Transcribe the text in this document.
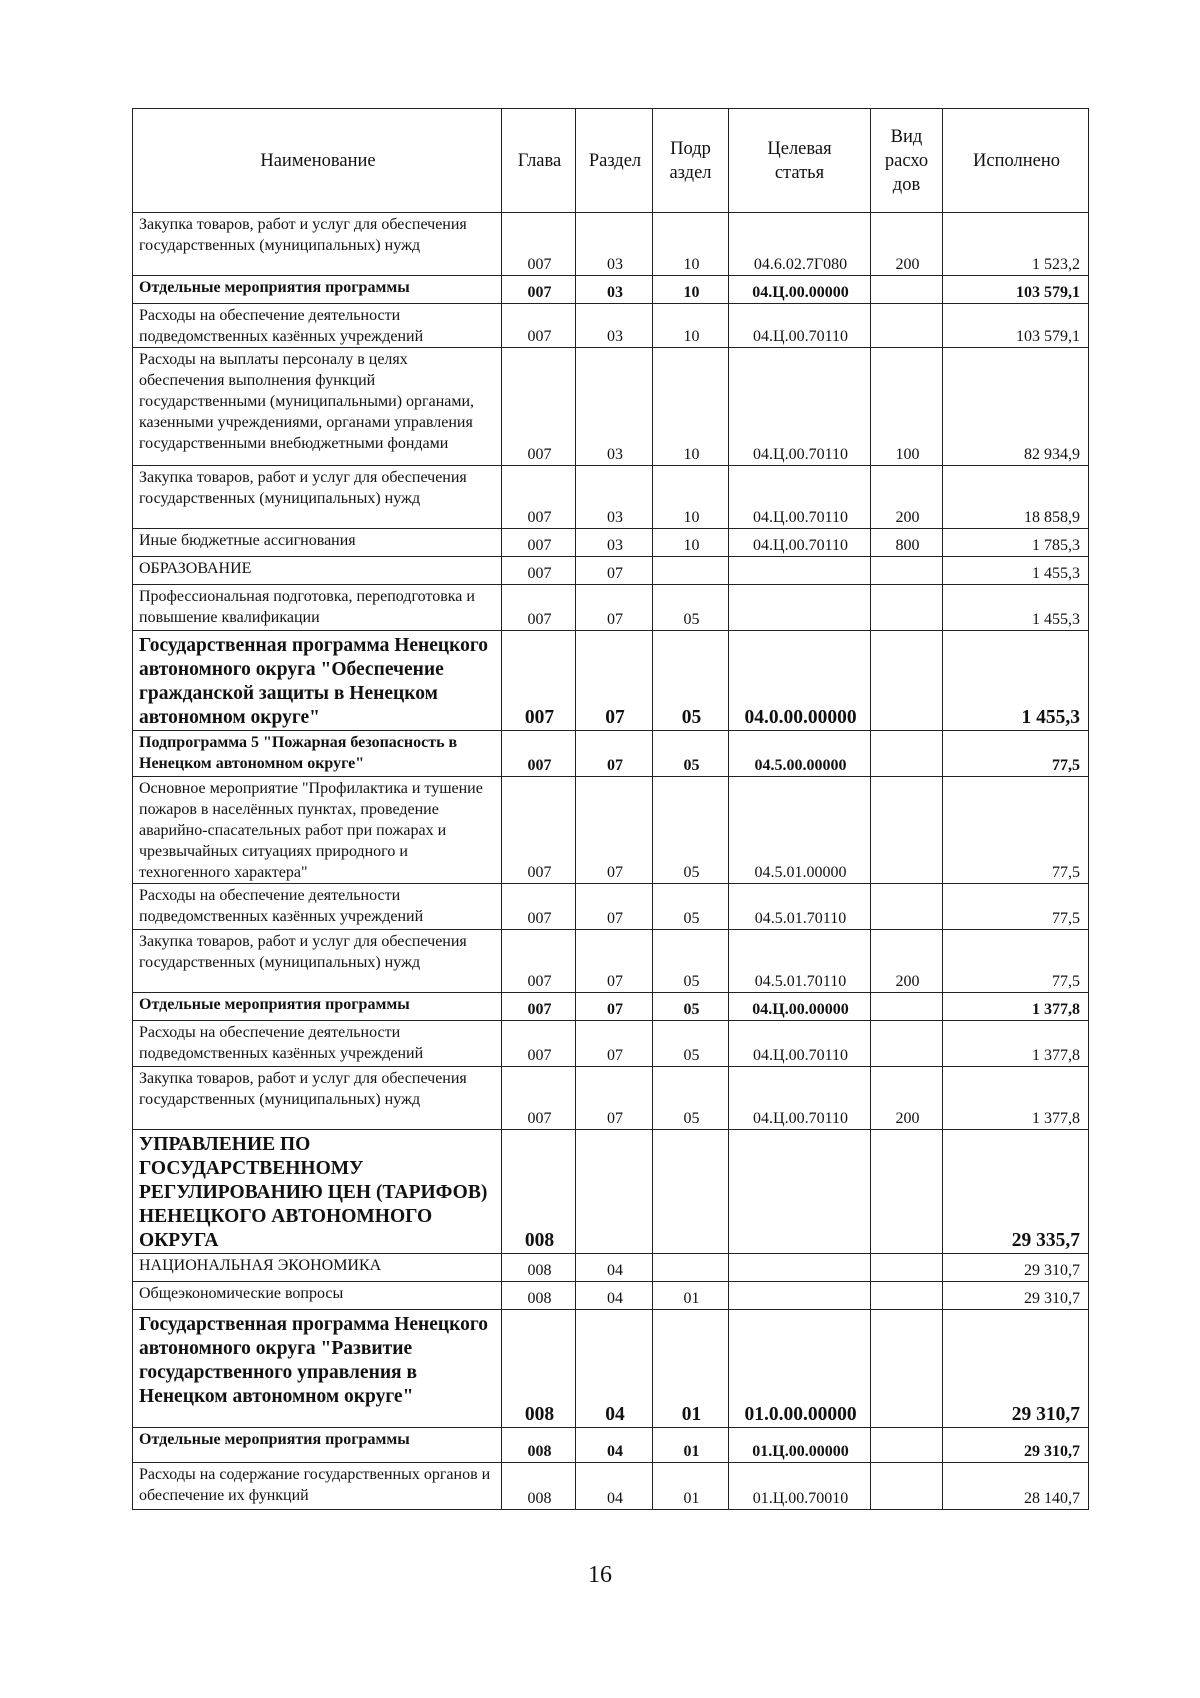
Наименование	Глава	Раздел	Подр аздел	Целевая статья	Вид расхо дов	Исполнено
Закупка товаров, работ и услуг для обеспечения государственных (муниципальных) нужд	007	03	10	04.6.02.7Г080	200	1 523,2
Отдельные мероприятия программы	007	03	10	04.Ц.00.00000		103 579,1
Расходы на обеспечение деятельности подведомственных казённых учреждений	007	03	10	04.Ц.00.70110		103 579,1
Расходы на выплаты персоналу в целях обеспечения выполнения функций государственными (муниципальными) органами, казенными учреждениями, органами управления государственными внебюджетными фондами	007	03	10	04.Ц.00.70110	100	82 934,9
Закупка товаров, работ и услуг для обеспечения государственных (муниципальных) нужд	007	03	10	04.Ц.00.70110	200	18 858,9
Иные бюджетные ассигнования	007	03	10	04.Ц.00.70110	800	1 785,3
ОБРАЗОВАНИЕ	007	07				1 455,3
Профессиональная подготовка, переподготовка и повышение квалификации	007	07	05			1 455,3
Государственная программа Ненецкого автономного округа "Обеспечение гражданской защиты в Ненецком автономном округе"	007	07	05	04.0.00.00000		1 455,3
Подпрограмма 5 "Пожарная безопасность в Ненецком автономном округе"	007	07	05	04.5.00.00000		77,5
Основное мероприятие "Профилактика и тушение пожаров в населённых пунктах, проведение аварийно-спасательных работ при пожарах и чрезвычайных ситуациях природного и техногенного характера"	007	07	05	04.5.01.00000		77,5
Расходы на обеспечение деятельности подведомственных казённых учреждений	007	07	05	04.5.01.70110		77,5
Закупка товаров, работ и услуг для обеспечения государственных (муниципальных) нужд	007	07	05	04.5.01.70110	200	77,5
Отдельные мероприятия программы	007	07	05	04.Ц.00.00000		1 377,8
Расходы на обеспечение деятельности подведомственных казённых учреждений	007	07	05	04.Ц.00.70110		1 377,8
Закупка товаров, работ и услуг для обеспечения государственных (муниципальных) нужд	007	07	05	04.Ц.00.70110	200	1 377,8
УПРАВЛЕНИЕ ПО ГОСУДАРСТВЕННОМУ РЕГУЛИРОВАНИЮ ЦЕН (ТАРИФОВ) НЕНЕЦКОГО АВТОНОМНОГО ОКРУГА	008					29 335,7
НАЦИОНАЛЬНАЯ ЭКОНОМИКА	008	04				29 310,7
Общеэкономические вопросы	008	04	01			29 310,7
Государственная программа Ненецкого автономного округа "Развитие государственного управления в Ненецком автономном округе"	008	04	01	01.0.00.00000		29 310,7
Отдельные мероприятия программы	008	04	01	01.Ц.00.00000		29 310,7
Расходы на содержание государственных органов и обеспечение их функций	008	04	01	01.Ц.00.70010		28 140,7
16
